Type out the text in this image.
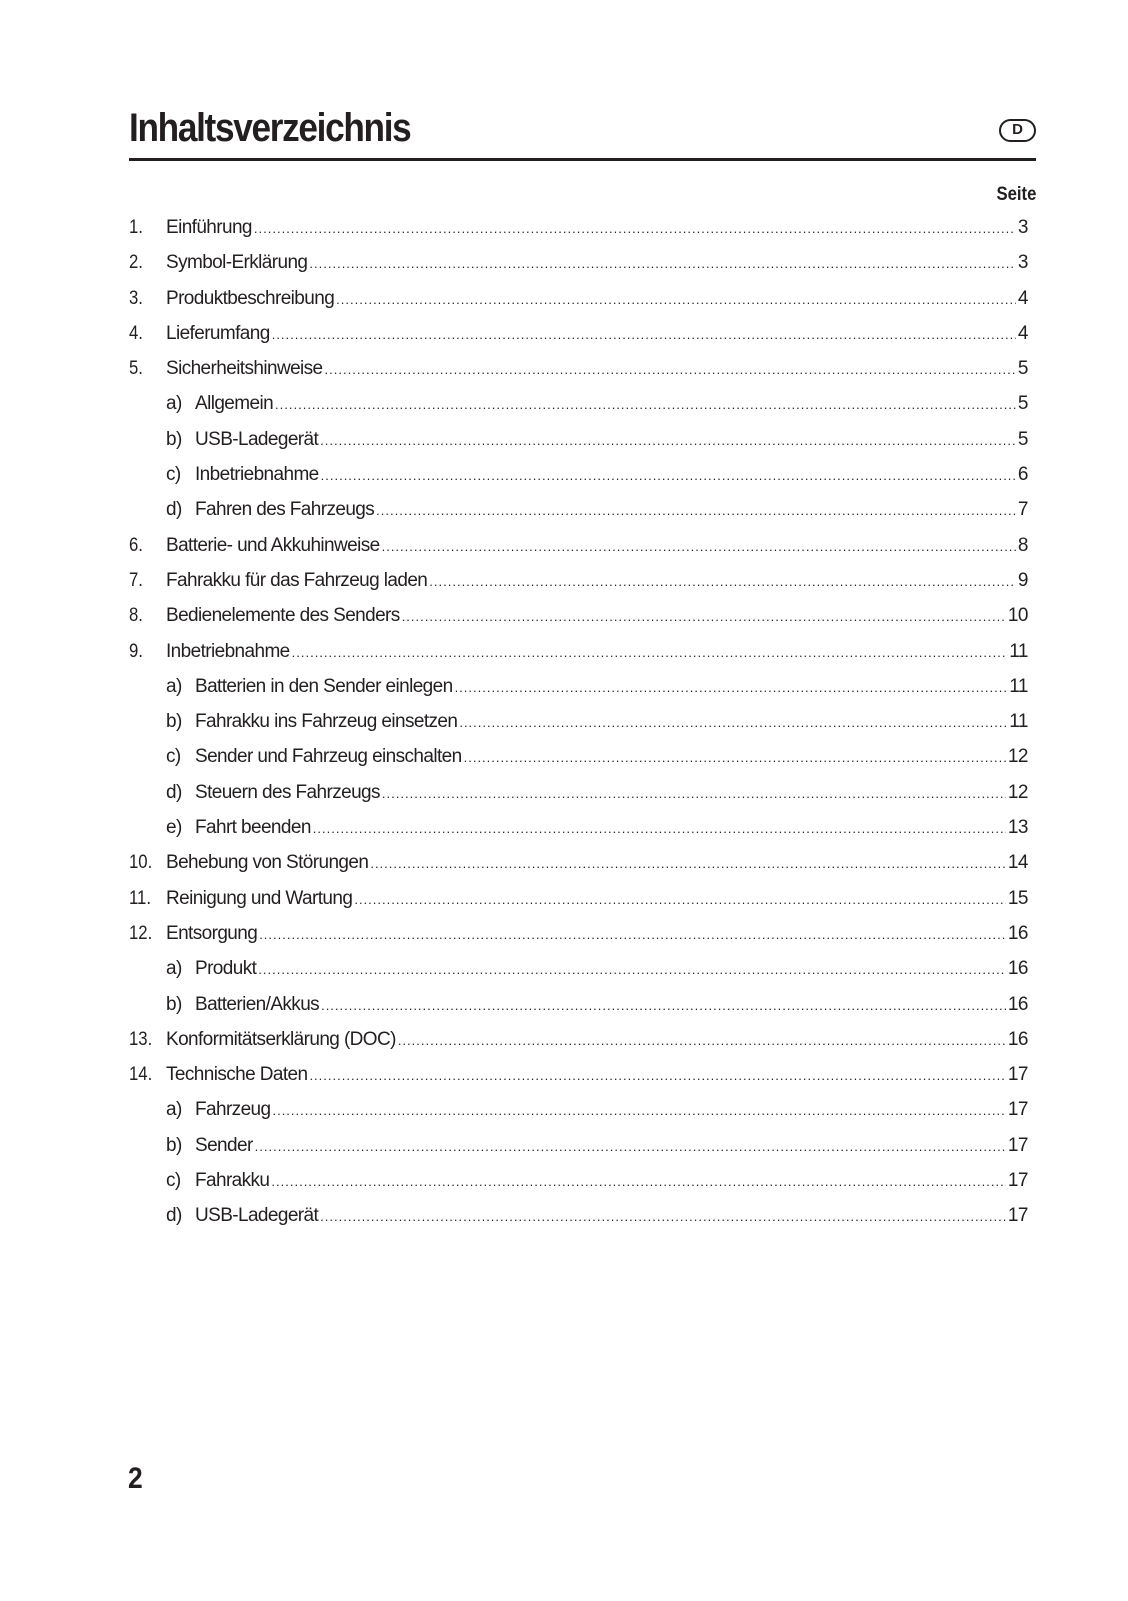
Inhaltsverzeichnis	D
Seite
1. Einführung .....	3
2. Symbol-Erklärung .....	3
3. Produktbeschreibung .....	4
4. Lieferumfang .....	4
5. Sicherheitshinweise .....	5
a) Allgemein .....	5
b) USB-Ladegerät .....	5
c) Inbetriebnahme .....	6
d) Fahren des Fahrzeugs .....	7
6. Batterie- und Akkuhinweise .....	8
7. Fahrakku für das Fahrzeug laden .....	9
8. Bedienelemente des Senders .....	10
9. Inbetriebnahme .....	11
a) Batterien in den Sender einlegen .....	11
b) Fahrakku ins Fahrzeug einsetzen .....	11
c) Sender und Fahrzeug einschalten .....	12
d) Steuern des Fahrzeugs .....	12
e) Fahrt beenden .....	13
10. Behebung von Störungen .....	14
11. Reinigung und Wartung .....	15
12. Entsorgung .....	16
a) Produkt .....	16
b) Batterien/Akkus .....	16
13. Konformitätserklärung (DOC) .....	16
14. Technische Daten .....	17
a) Fahrzeug .....	17
b) Sender .....	17
c) Fahrakku .....	17
d) USB-Ladegerät .....	17
2
